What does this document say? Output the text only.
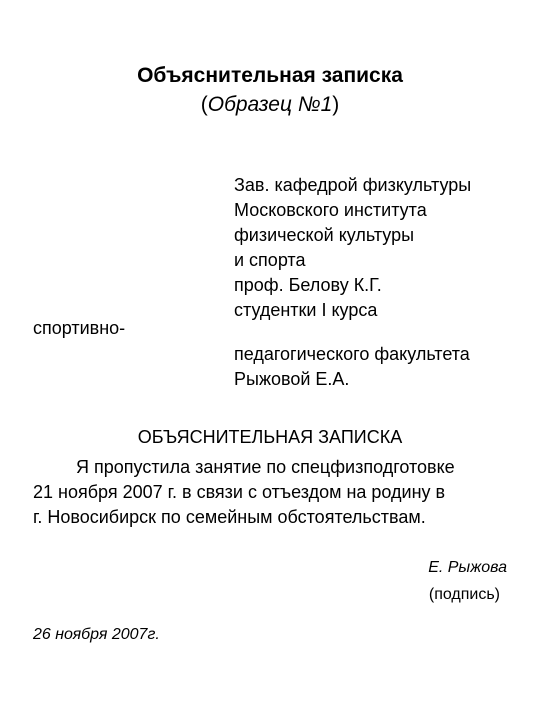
Объяснительная записка
(Образец №1)
Зав. кафедрой физкультуры
Московского института
физической культуры
и спорта
проф. Белову К.Г.
студентки I курса
спортивно-
педагогического факультета
Рыжовой Е.А.
ОБЪЯСНИТЕЛЬНАЯ ЗАПИСКА
Я пропустила занятие по спецфизподготовке
21 ноября 2007 г. в связи с отъездом на родину в
г. Новосибирск по семейным обстоятельствам.
Е. Рыжова
(подпись)
26 ноября 2007г.
